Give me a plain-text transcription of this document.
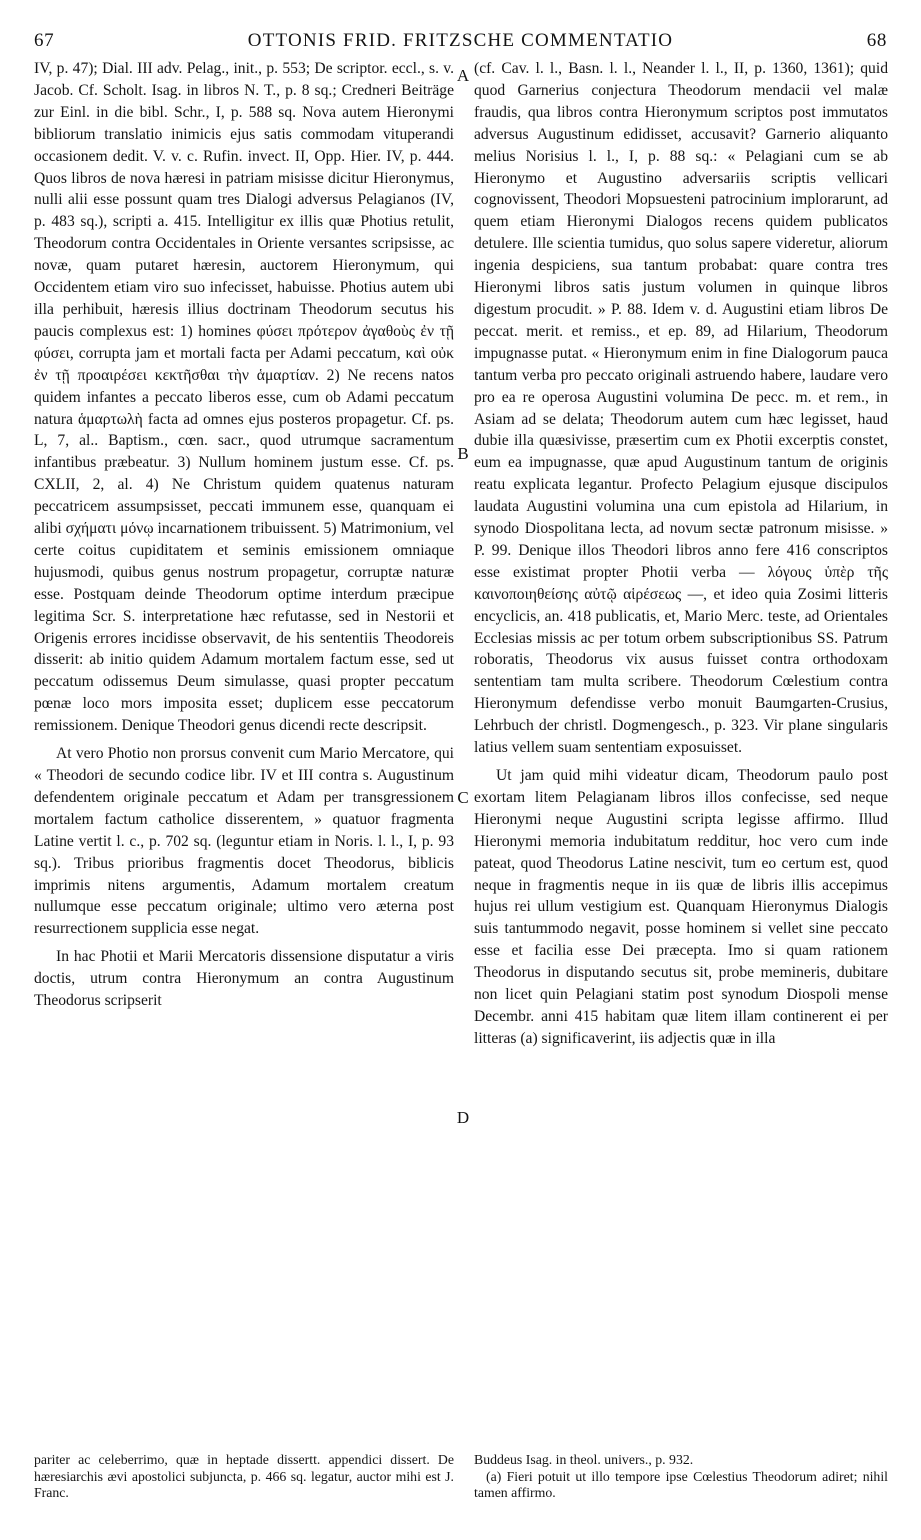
67	OTTONIS FRID. FRITZSCHE COMMENTATIO	68

IV, p. 47); Dial. III adv. Pelag., init., p. 553; De scriptor. eccl., s. v. Jacob. Cf. Scholt. Isag. in libros N. T., p. 8 sq.; Credneri Beiträge zur Einl. in die bibl. Schr., I, p. 588 sq. Nova autem Hieronymi bibliorum translatio inimicis ejus satis commodam vituperandi occasionem dedit. V. v. c. Rufin. invect. II, Opp. Hier. IV, p. 444. Quos libros de nova hæresi in patriam misisse dicitur Hieronymus, nulli alii esse possunt quam tres Dialogi adversus Pelagianos (IV, p. 483 sq.), scripti a. 415. Intelligitur ex illis quæ Photius retulit, Theodorum contra Occidentales in Oriente versantes scripsisse, ac novæ, quam putaret hæresin, auctorem Hieronymum, qui Occidentem etiam viro suo infecisset, habuisse. Photius autem ubi illa perhibuit, hæresis illius doctrinam Theodorum secutus his paucis complexus est: 1) homines φύσει πρότερον ἀγαθοὺς ἐν τῇ φύσει, corrupta jam et mortali facta per Adami peccatum, καὶ οὐκ ἐν τῇ προαιρέσει κεκτῆσθαι τὴν ἁμαρτίαν. 2) Ne recens natos quidem infantes a peccato liberos esse, cum ob Adami peccatum natura ἁμαρτωλὴ facta ad omnes ejus posteros propagetur. Cf. ps. L, 7, al.. Baptism., cœn. sacr., quod utrumque sacramentum infantibus præbeatur. 3) Nullum hominem justum esse. Cf. ps. CXLII, 2, al. 4) Ne Christum quidem quatenus naturam peccatricem assumpsisset, peccati immunem esse, quanquam ei alibi σχήματι μόνῳ incarnationem tribuissent. 5) Matrimonium, vel certe coitus cupiditatem et seminis emissionem omniaque hujusmodi, quibus genus nostrum propagetur, corruptæ naturæ esse. Postquam deinde Theodorum optime interdum præcipue legitima Scr. S. interpretatione hæc refutasse, sed in Nestorii et Origenis errores incidisse observavit, de his sententiis Theodoreis disserit: ab initio quidem Adamum mortalem factum esse, sed ut peccatum odissemus Deum simulasse, quasi propter peccatum pœnæ loco mors imposita esset; duplicem esse peccatorum remissionem. Denique Theodori genus dicendi recte descripsit.

At vero Photio non prorsus convenit cum Mario Mercatore, qui « Theodori de secundo codice libr. IV et III contra s. Augustinum defendentem originale peccatum et Adam per transgressionem mortalem factum catholice disserentem, » quatuor fragmenta Latine vertit l. c., p. 702 sq. (leguntur etiam in Noris. l. l., I, p. 93 sq.). Tribus prioribus fragmentis docet Theodorus, biblicis imprimis nitens argumentis, Adamum mortalem creatum nullumque esse peccatum originale; ultimo vero æterna post resurrectionem supplicia esse negat.

In hac Photii et Marii Mercatoris dissensione disputatur a viris doctis, utrum contra Hieronymum an contra Augustinum Theodorus scripserit

A
B
C
D

(cf. Cav. l. l., Basn. l. l., Neander l. l., II, p. 1360, 1361); quid quod Garnerius conjectura Theodorum mendacii vel malæ fraudis, qua libros contra Hieronymum scriptos post immutatos adversus Augustinum edidisset, accusavit? Garnerio aliquanto melius Norisius l. l., I, p. 88 sq.: « Pelagiani cum se ab Hieronymo et Augustino adversariis scriptis vellicari cognovissent, Theodori Mopsuesteni patrocinium implorarunt, ad quem etiam Hieronymi Dialogos recens quidem publicatos detulere. Ille scientia tumidus, quo solus sapere videretur, aliorum ingenia despiciens, sua tantum probabat: quare contra tres Hieronymi libros satis justum volumen in quinque libros digestum procudit. » P. 88. Idem v. d. Augustini etiam libros De peccat. merit. et remiss., et ep. 89, ad Hilarium, Theodorum impugnasse putat. « Hieronymum enim in fine Dialogorum pauca tantum verba pro peccato originali astruendo habere, laudare vero pro ea re operosa Augustini volumina De pecc. m. et rem., in Asiam ad se delata; Theodorum autem cum hæc legisset, haud dubie illa quæsivisse, præsertim cum ex Photii excerptis constet, eum ea impugnasse, quæ apud Augustinum tantum de originis reatu explicata legantur. Profecto Pelagium ejusque discipulos laudata Augustini volumina una cum epistola ad Hilarium, in synodo Diospolitana lecta, ad novum sectæ patronum misisse. » P. 99. Denique illos Theodori libros anno fere 416 conscriptos esse existimat propter Photii verba — λόγους ὑπὲρ τῆς καινοποιηθείσης αὐτῷ αἱρέσεως —, et ideo quia Zosimi litteris encyclicis, an. 418 publicatis, et, Mario Merc. teste, ad Orientales Ecclesias missis ac per totum orbem subscriptionibus SS. Patrum roboratis, Theodorus vix ausus fuisset contra orthodoxam sententiam tam multa scribere. Theodorum Cœlestium contra Hieronymum defendisse verbo monuit Baumgarten-Crusius, Lehrbuch der christl. Dogmengesch., p. 323. Vir plane singularis latius vellem suam sententiam exposuisset.

Ut jam quid mihi videatur dicam, Theodorum paulo post exortam litem Pelagianam libros illos confecisse, sed neque Hieronymi neque Augustini scripta legisse affirmo. Illud Hieronymi memoria indubitatum redditur, hoc vero cum inde pateat, quod Theodorus Latine nescivit, tum eo certum est, quod neque in fragmentis neque in iis quæ de libris illis accepimus hujus rei ullum vestigium est. Quanquam Hieronymus Dialogis suis tantummodo negavit, posse hominem si vellet sine peccato esse et facilia esse Dei præcepta. Imo si quam rationem Theodorus in disputando secutus sit, probe memineris, dubitare non licet quin Pelagiani statim post synodum Diospoli mense Decembr. anni 415 habitam quæ litem illam continerent ei per litteras (a) significaverint, iis adjectis quæ in illa

pariter ac celeberrimo, quæ in heptade dissertt. appendici dissert. De hæresiarchis ævi apostolici subjuncta, p. 466 sq. legatur, auctor mihi est J. Franc.

Buddeus Isag. in theol. univers., p. 932.

(a) Fieri potuit ut illo tempore ipse Cœlestius Theodorum adiret; nihil tamen affirmo.
